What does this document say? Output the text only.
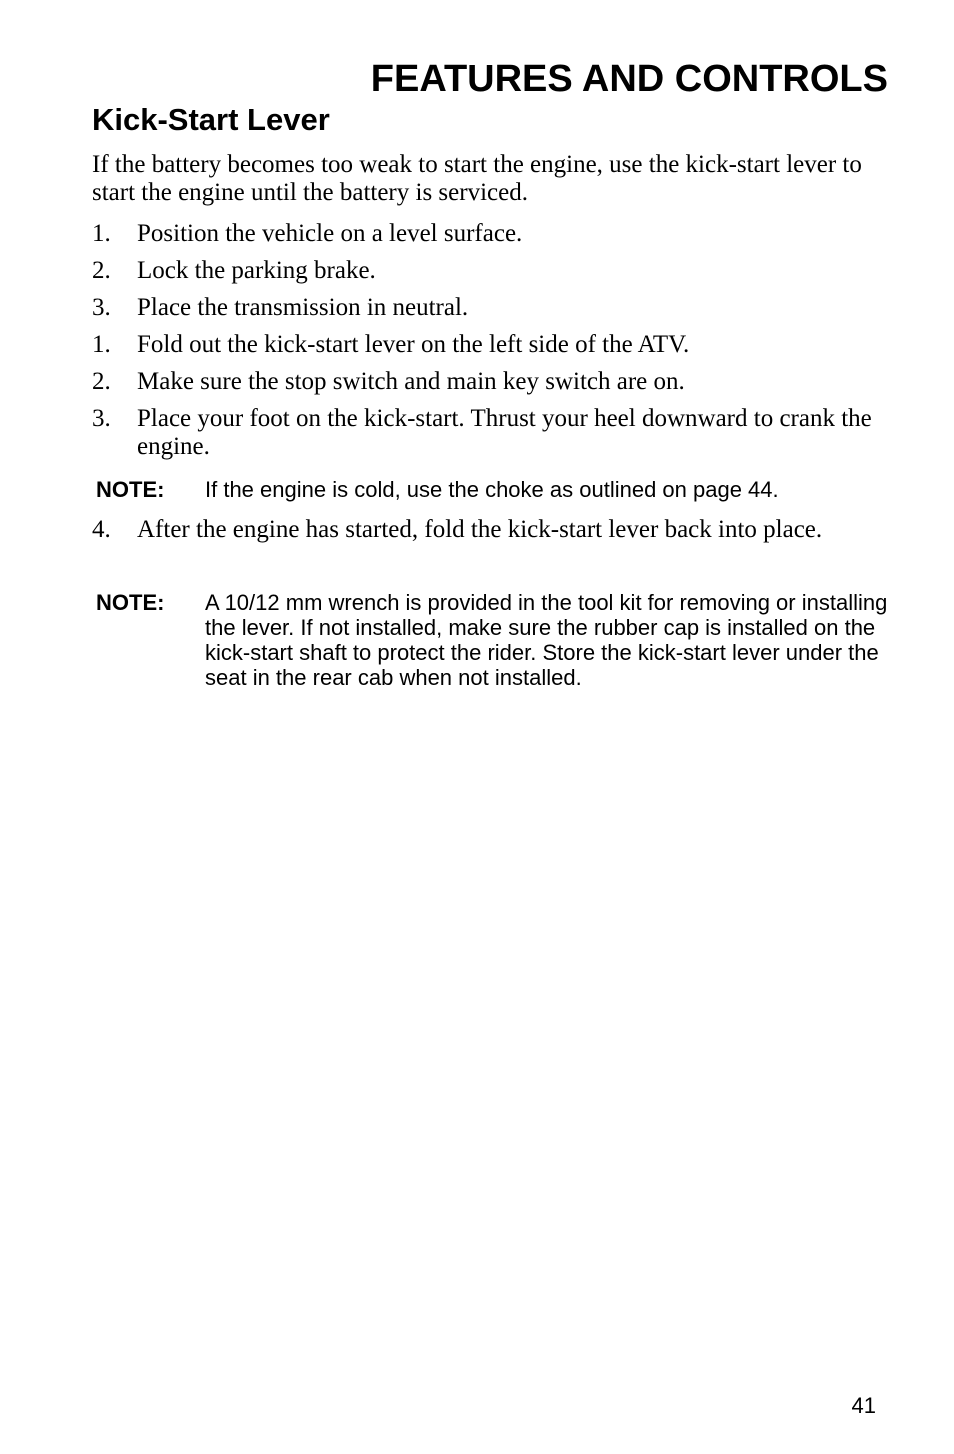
FEATURES AND CONTROLS
Kick-Start Lever

If the battery becomes too weak to start the engine, use the kick-start lever to start the engine until the battery is serviced.

1.	Position the vehicle on a level surface.
2.	Lock the parking brake.
3.	Place the transmission in neutral.
1.	Fold out the kick-start lever on the left side of the ATV.
2.	Make sure the stop switch and main key switch are on.
3.	Place your foot on the kick-start. Thrust your heel downward to crank the engine.
NOTE:	If the engine is cold, use the choke as outlined on page 44.
4.	After the engine has started, fold the kick-start lever back into place.
NOTE:	A 10/12 mm wrench is provided in the tool kit for removing or installing the lever. If not installed, make sure the rubber cap is installed on the kick-start shaft to protect the rider. Store the kick-start lever under the seat in the rear cab when not installed.

41
